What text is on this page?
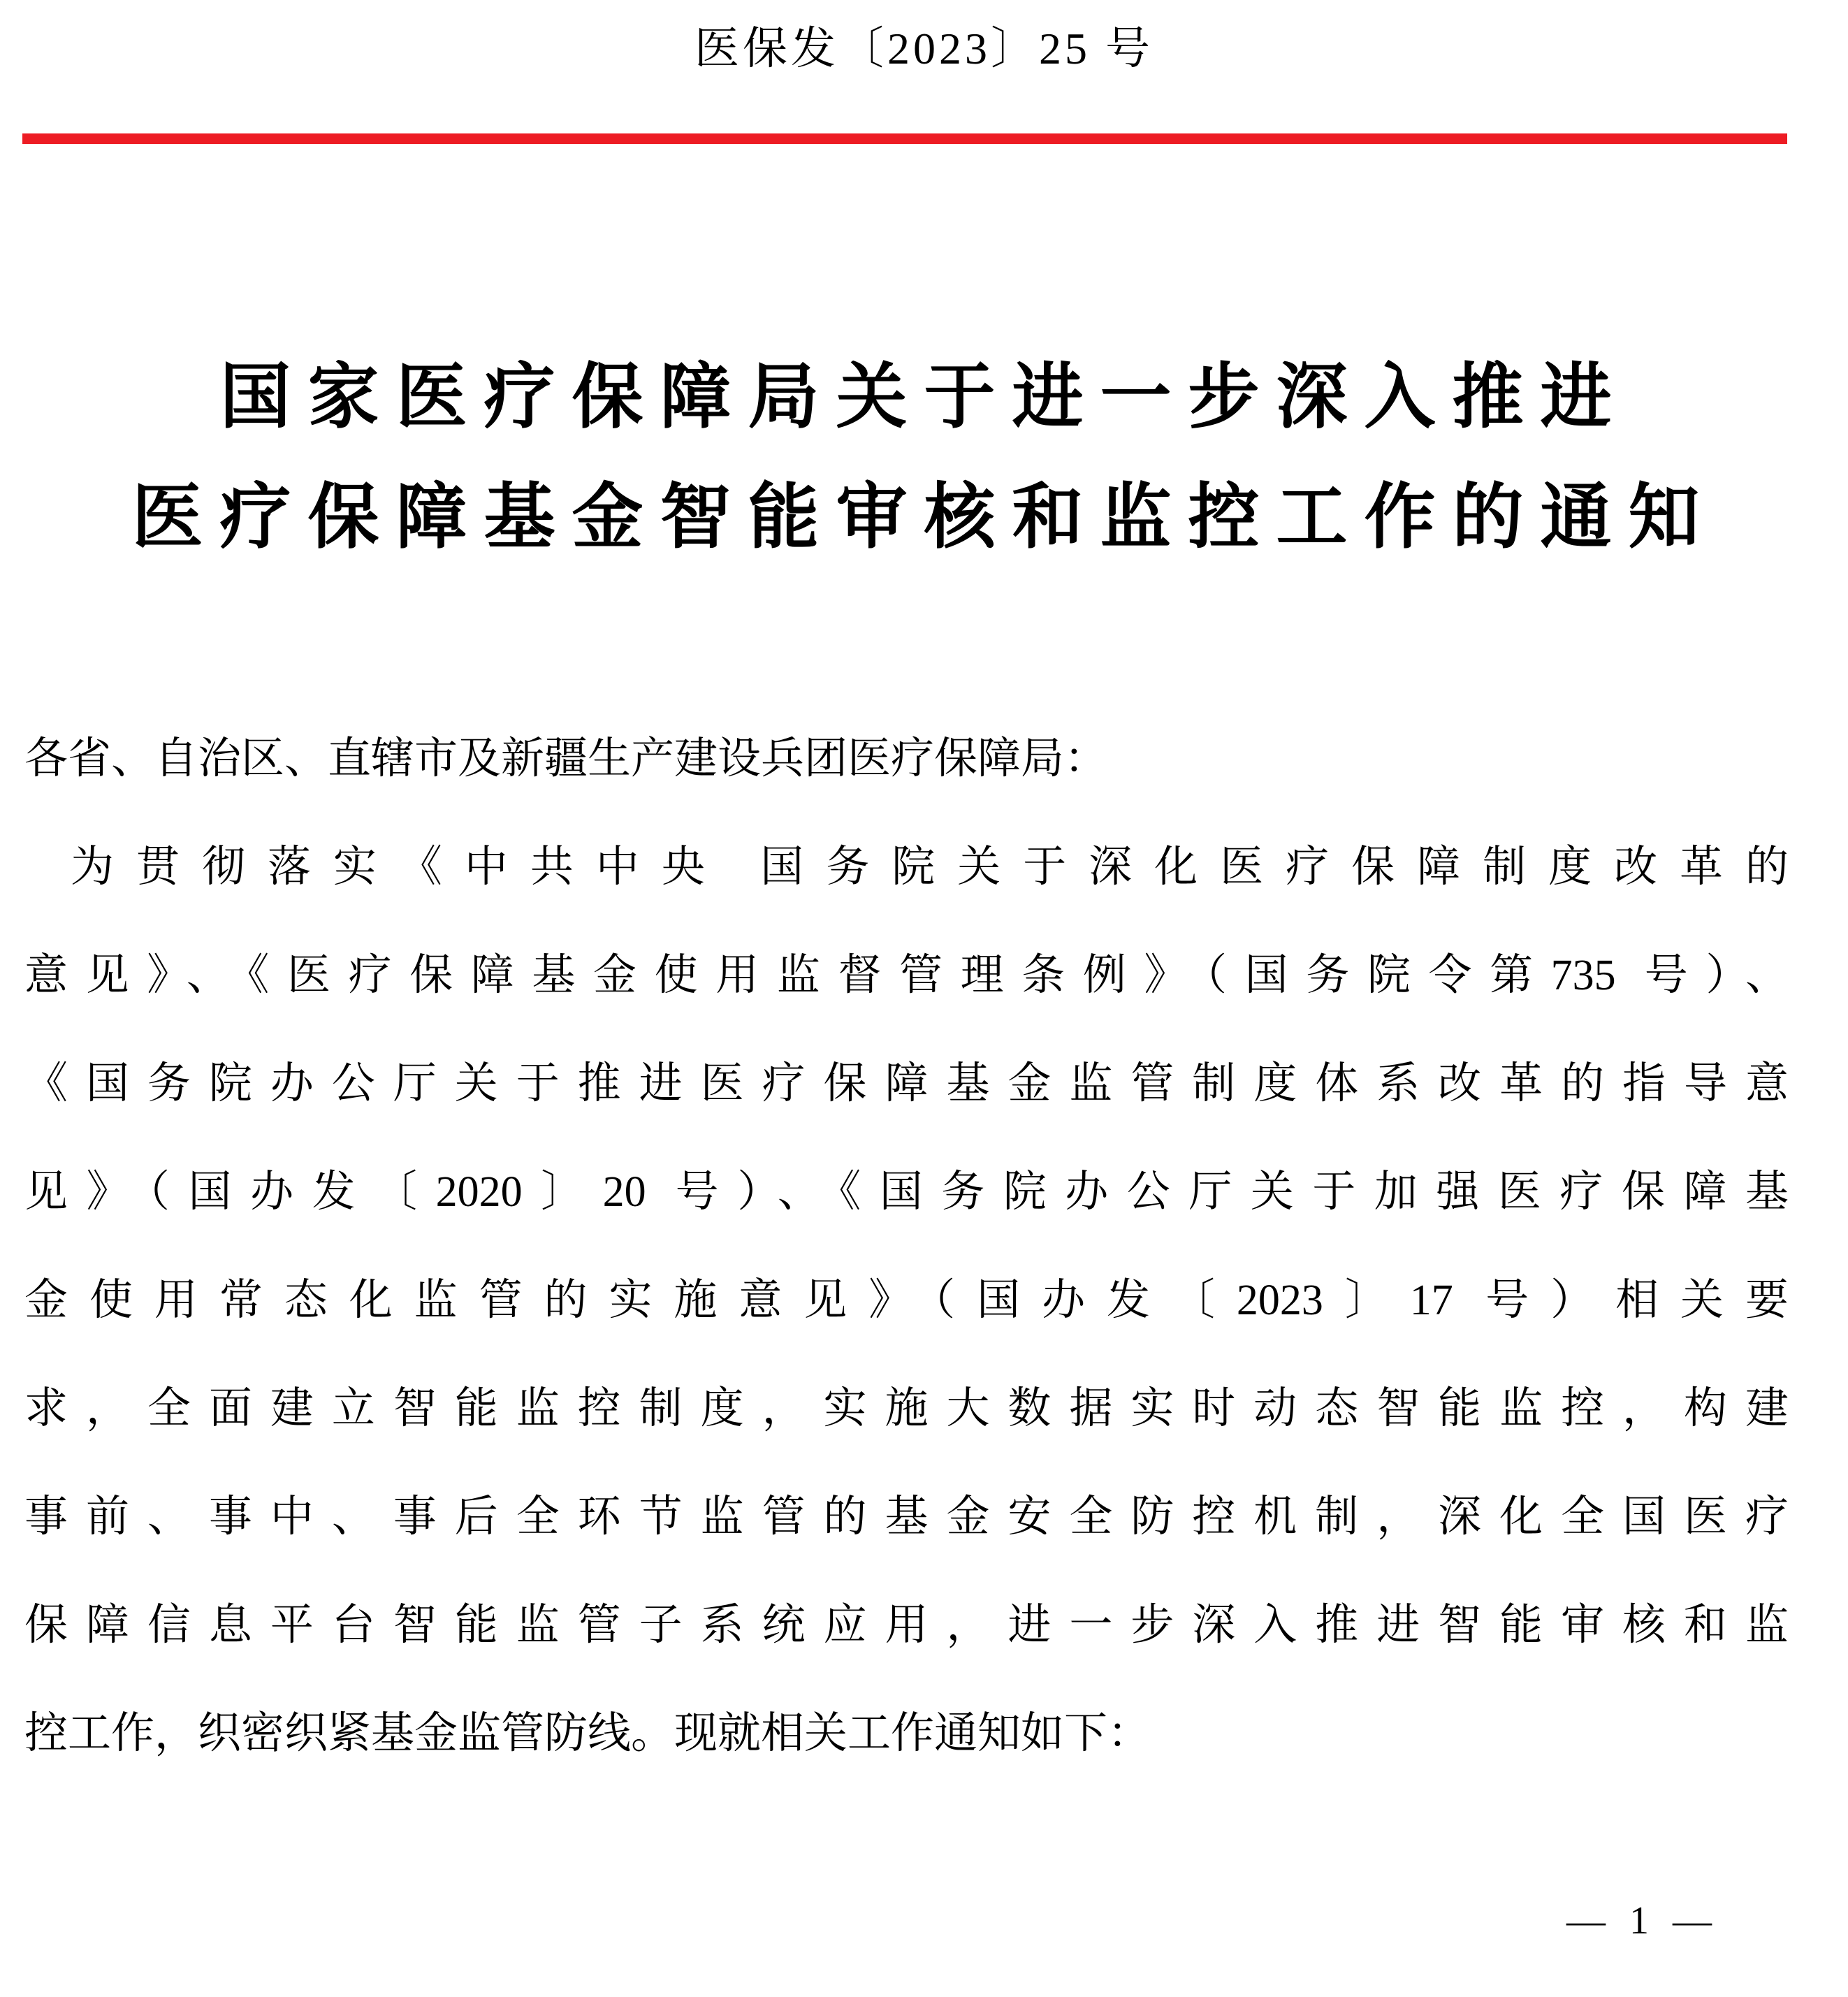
医保发〔2023〕25 号
国家医疗保障局关于进一步深入推进
医疗保障基金智能审核和监控工作的通知
各省、自治区、直辖市及新疆生产建设兵团医疗保障局：
为贯彻落实《中共中央 国务院关于深化医疗保障制度改革的
意见》、《医疗保障基金使用监督管理条例》（国务院令第735 号）、
《国务院办公厅关于推进医疗保障基金监管制度体系改革的指导意
见》（国办发〔2020〕20 号）、《国务院办公厅关于加强医疗保障基
金使用常态化监管的实施意见》（国办发〔2023〕17 号）相关要
求，全面建立智能监控制度，实施大数据实时动态智能监控，构建
事前、事中、事后全环节监管的基金安全防控机制，深化全国医疗
保障信息平台智能监管子系统应用，进一步深入推进智能审核和监
控工作，织密织紧基金监管防线。现就相关工作通知如下：
— 1 —
